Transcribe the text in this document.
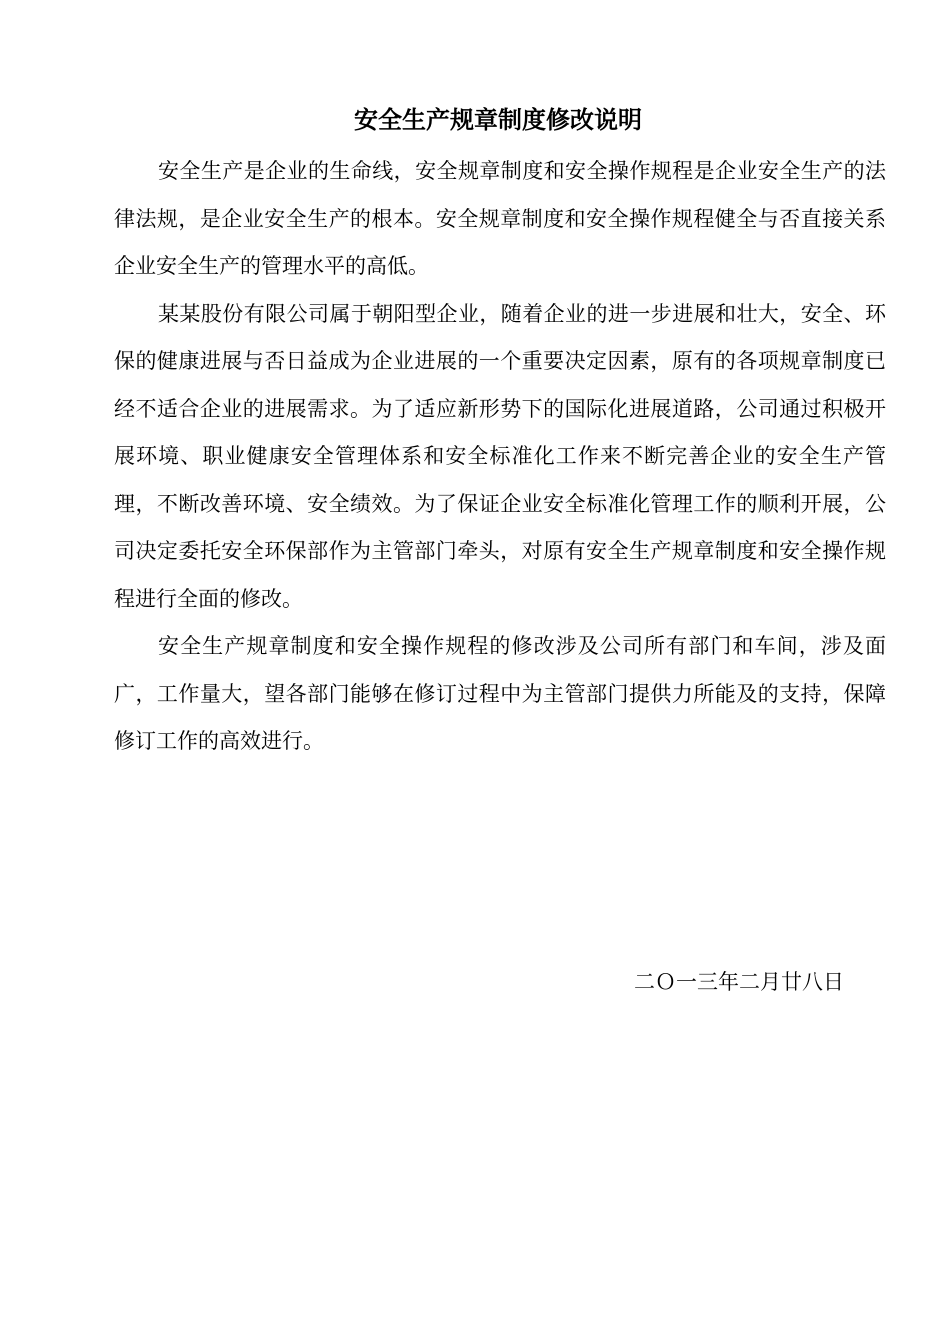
安全生产规章制度修改说明

安全生产是企业的生命线，安全规章制度和安全操作规程是企业安全生产的法律法规，是企业安全生产的根本。安全规章制度和安全操作规程健全与否直接关系企业安全生产的管理水平的高低。

某某股份有限公司属于朝阳型企业，随着企业的进一步进展和壮大，安全、环保的健康进展与否日益成为企业进展的一个重要决定因素，原有的各项规章制度已经不适合企业的进展需求。为了适应新形势下的国际化进展道路，公司通过积极开展环境、职业健康安全管理体系和安全标准化工作来不断完善企业的安全生产管理，不断改善环境、安全绩效。为了保证企业安全标准化管理工作的顺利开展，公司决定委托安全环保部作为主管部门牵头，对原有安全生产规章制度和安全操作规程进行全面的修改。

安全生产规章制度和安全操作规程的修改涉及公司所有部门和车间，涉及面广，工作量大，望各部门能够在修订过程中为主管部门提供力所能及的支持，保障修订工作的高效进行。

二Ｏ一三年二月廿八日
